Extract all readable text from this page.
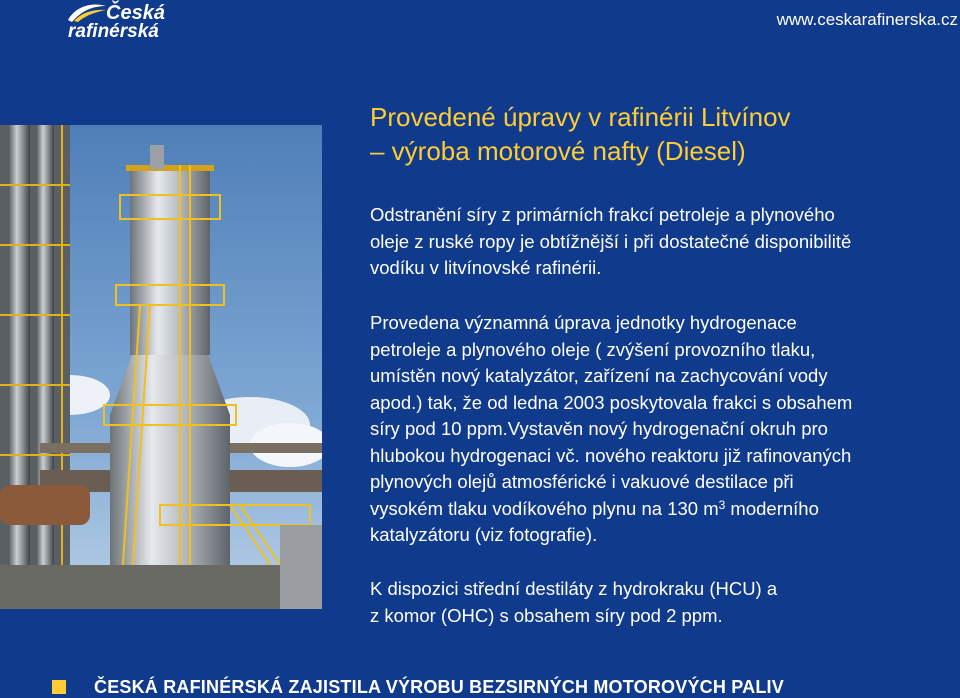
Česká
rafinérská
www.ceskarafinerska.cz
Provedené úpravy v rafinérii Litvínov
– výroba motorové nafty (Diesel)
Odstranění síry z primárních frakcí petroleje a plynového
oleje z ruské ropy je obtížnější i při dostatečné disponibilitě
vodíku v litvínovské rafinérii.
Provedena významná úprava jednotky hydrogenace
petroleje a plynového oleje ( zvýšení provozního tlaku,
umístěn nový katalyzátor, zařízení na zachycování vody
apod.) tak, že od ledna 2003 poskytovala frakci s obsahem
síry pod 10 ppm.Vystavěn nový hydrogenační okruh pro
hlubokou hydrogenaci vč. nového reaktoru již rafinovaných
plynových olejů atmosférické i vakuové destilace při
vysokém tlaku vodíkového plynu na 130 $m^3$ moderního
katalyzátoru (viz fotografie).
K dispozici střední destiláty z hydrokraku (HCU) a
z komor (OHC) s obsahem síry pod 2 ppm.
ČESKÁ RAFINÉRSKÁ ZAJISTILA VÝROBU BEZSIRNÝCH MOTOROVÝCH PALIV
